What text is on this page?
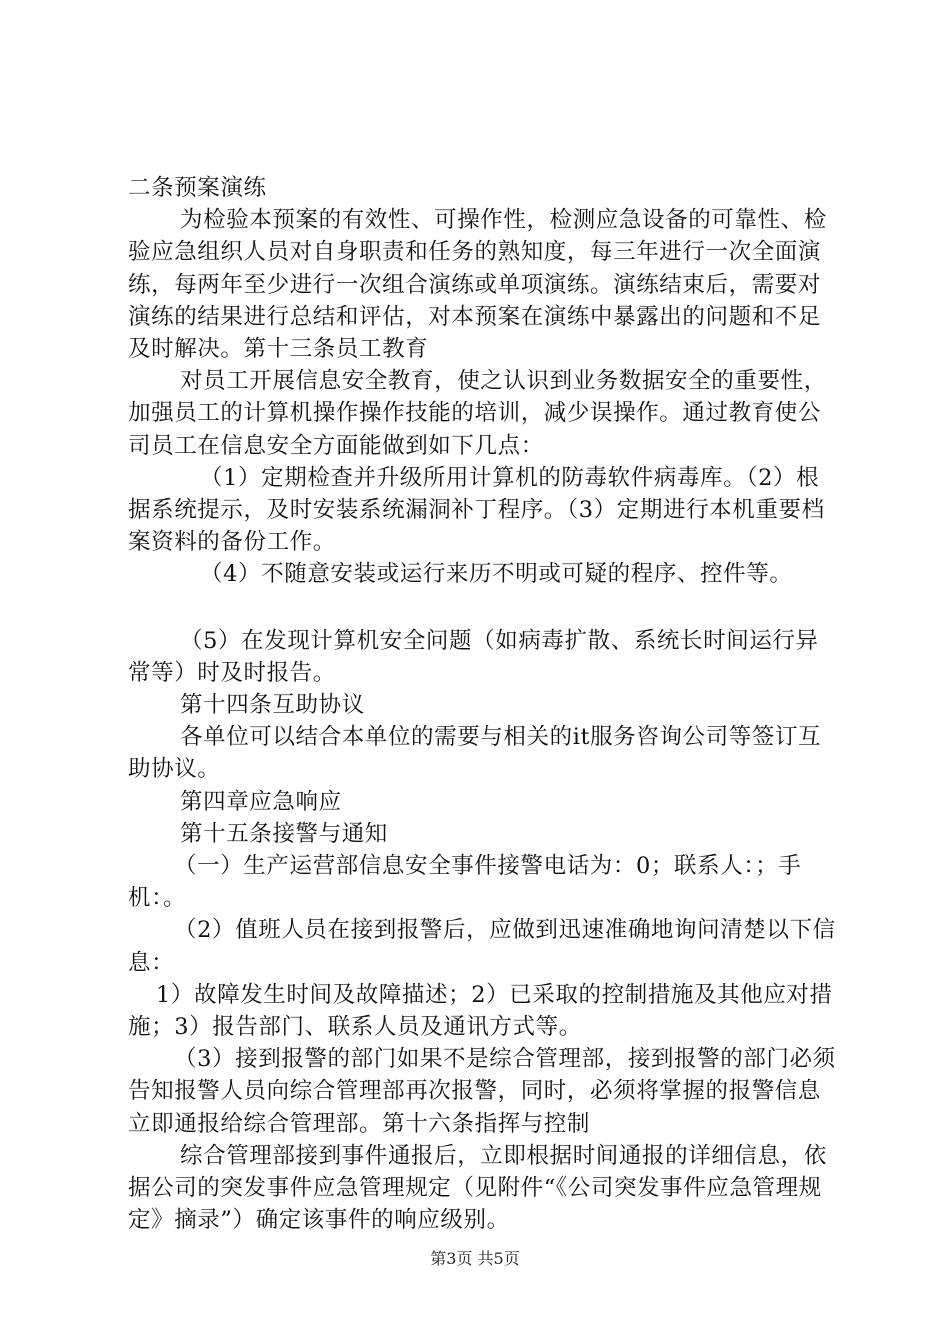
二条预案演练

为检验本预案的有效性、可操作性，检测应急设备的可靠性、检验应急组织人员对自身职责和任务的熟知度，每三年进行一次全面演练，每两年至少进行一次组合演练或单项演练。演练结束后，需要对演练的结果进行总结和评估，对本预案在演练中暴露出的问题和不足及时解决。第十三条员工教育

对员工开展信息安全教育，使之认识到业务数据安全的重要性，加强员工的计算机操作操作技能的培训，减少误操作。通过教育使公司员工在信息安全方面能做到如下几点：

（1）定期检查并升级所用计算机的防毒软件病毒库。（2）根据系统提示，及时安装系统漏洞补丁程序。（3）定期进行本机重要档案资料的备份工作。

（4）不随意安装或运行来历不明或可疑的程序、控件等。

（5）在发现计算机安全问题（如病毒扩散、系统长时间运行异常等）时及时报告。

第十四条互助协议

各单位可以结合本单位的需要与相关的it服务咨询公司等签订互助协议。

第四章应急响应

第十五条接警与通知

（一）生产运营部信息安全事件接警电话为：0；联系人：；手机：。

（2）值班人员在接到报警后，应做到迅速准确地询问清楚以下信息：

1）故障发生时间及故障描述；2）已采取的控制措施及其他应对措施；3）报告部门、联系人员及通讯方式等。

（3）接到报警的部门如果不是综合管理部，接到报警的部门必须告知报警人员向综合管理部再次报警，同时，必须将掌握的报警信息立即通报给综合管理部。第十六条指挥与控制

综合管理部接到事件通报后，立即根据时间通报的详细信息，依据公司的突发事件应急管理规定（见附件“《公司突发事件应急管理规定》摘录”）确定该事件的响应级别。

第3页 共5页
